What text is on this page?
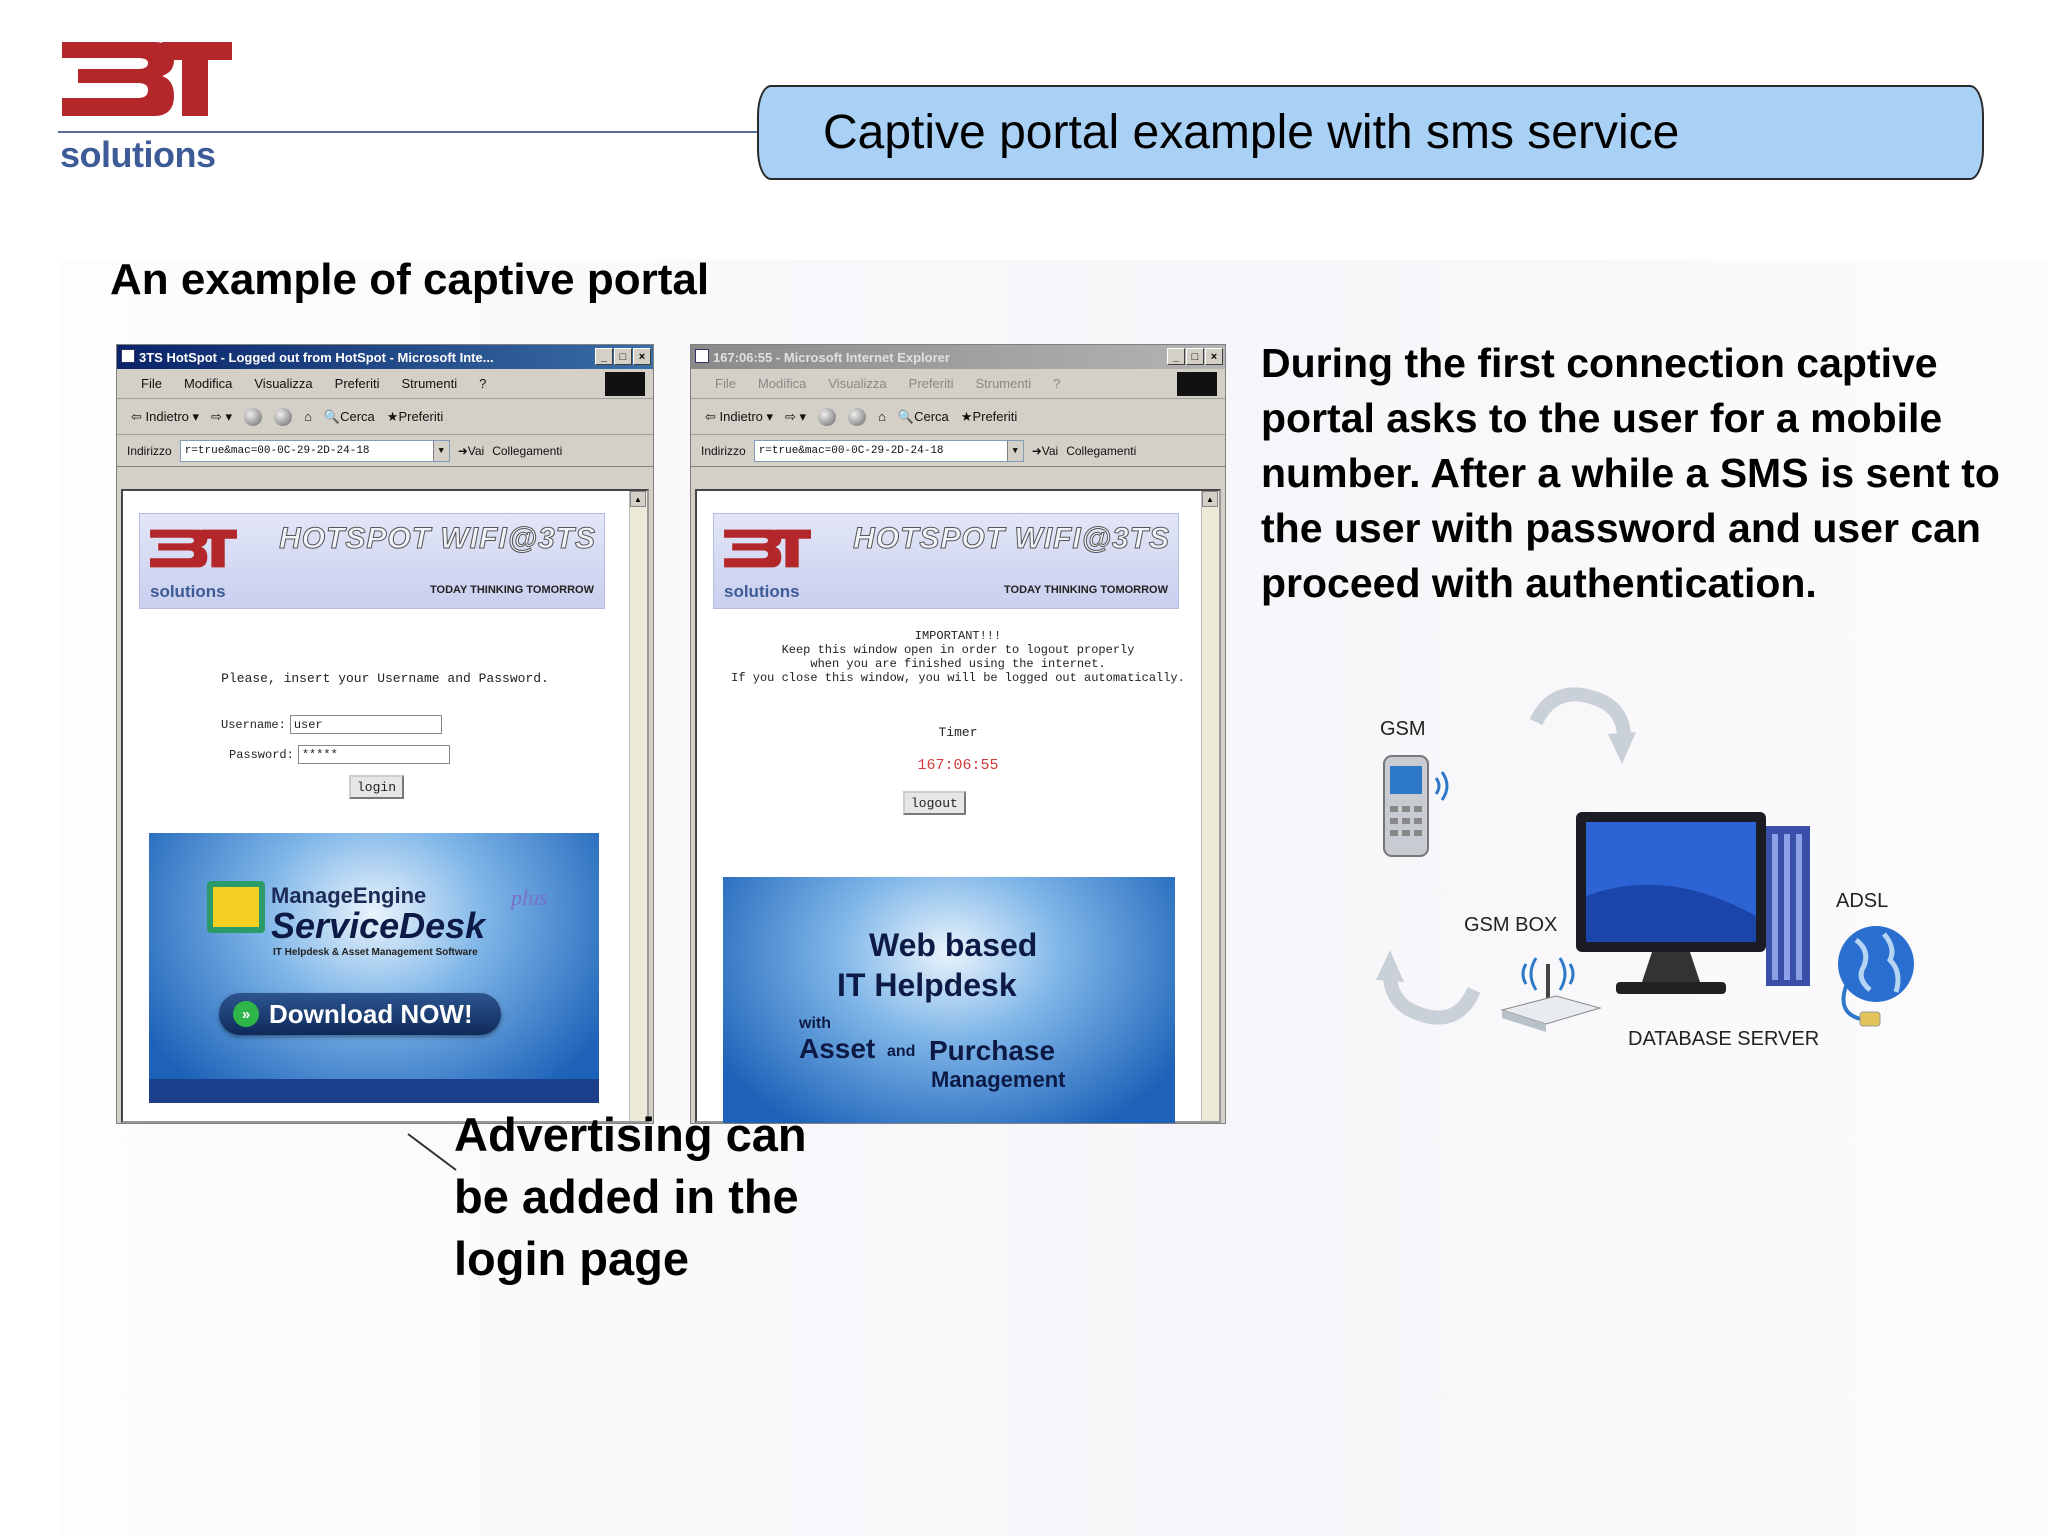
solutions	Captive portal example with sms service
An example of captive portal
3TS HotSpot - Logged out from HotSpot - Microsoft Inte...	_	□	×
File Modifica Visualizza Preferiti Strumenti ?
⇦ Indietro ▾ ⇨ ▾	⌂ 🔍Cerca ★Preferiti
Indirizzo r=true&mac=00-0C-29-2D-24-18	▼	➜Vai Collegamenti
▲
solutions
HOTSPOT WIFI@3TS
TODAY THINKING TOMORROW
Please, insert your Username and Password.
Username: user
Password: *****
login
ManageEngine
ServiceDesk
plus
IT Helpdesk & Asset Management Software
» Download NOW!
167:06:55 - Microsoft Internet Explorer	_	□	×
File Modifica Visualizza Preferiti Strumenti ?
⇦ Indietro ▾ ⇨ ▾	⌂ 🔍Cerca ★Preferiti
Indirizzo r=true&mac=00-0C-29-2D-24-18	▼	➜Vai Collegamenti
▲
solutions
HOTSPOT WIFI@3TS
TODAY THINKING TOMORROW
IMPORTANT!!!
Keep this window open in order to logout properly
when you are finished using the internet.
If you close this window, you will be logged out automatically.
Timer
167:06:55
logout
Web based
IT Helpdesk
with
Asset and Purchase
Management
Advertising can be added in the login page
During the first connection captive portal asks to the user for a mobile number. After a while a SMS is sent to the user with password and user can proceed with authentication.
GSM
GSM BOX
ADSL
DATABASE SERVER
